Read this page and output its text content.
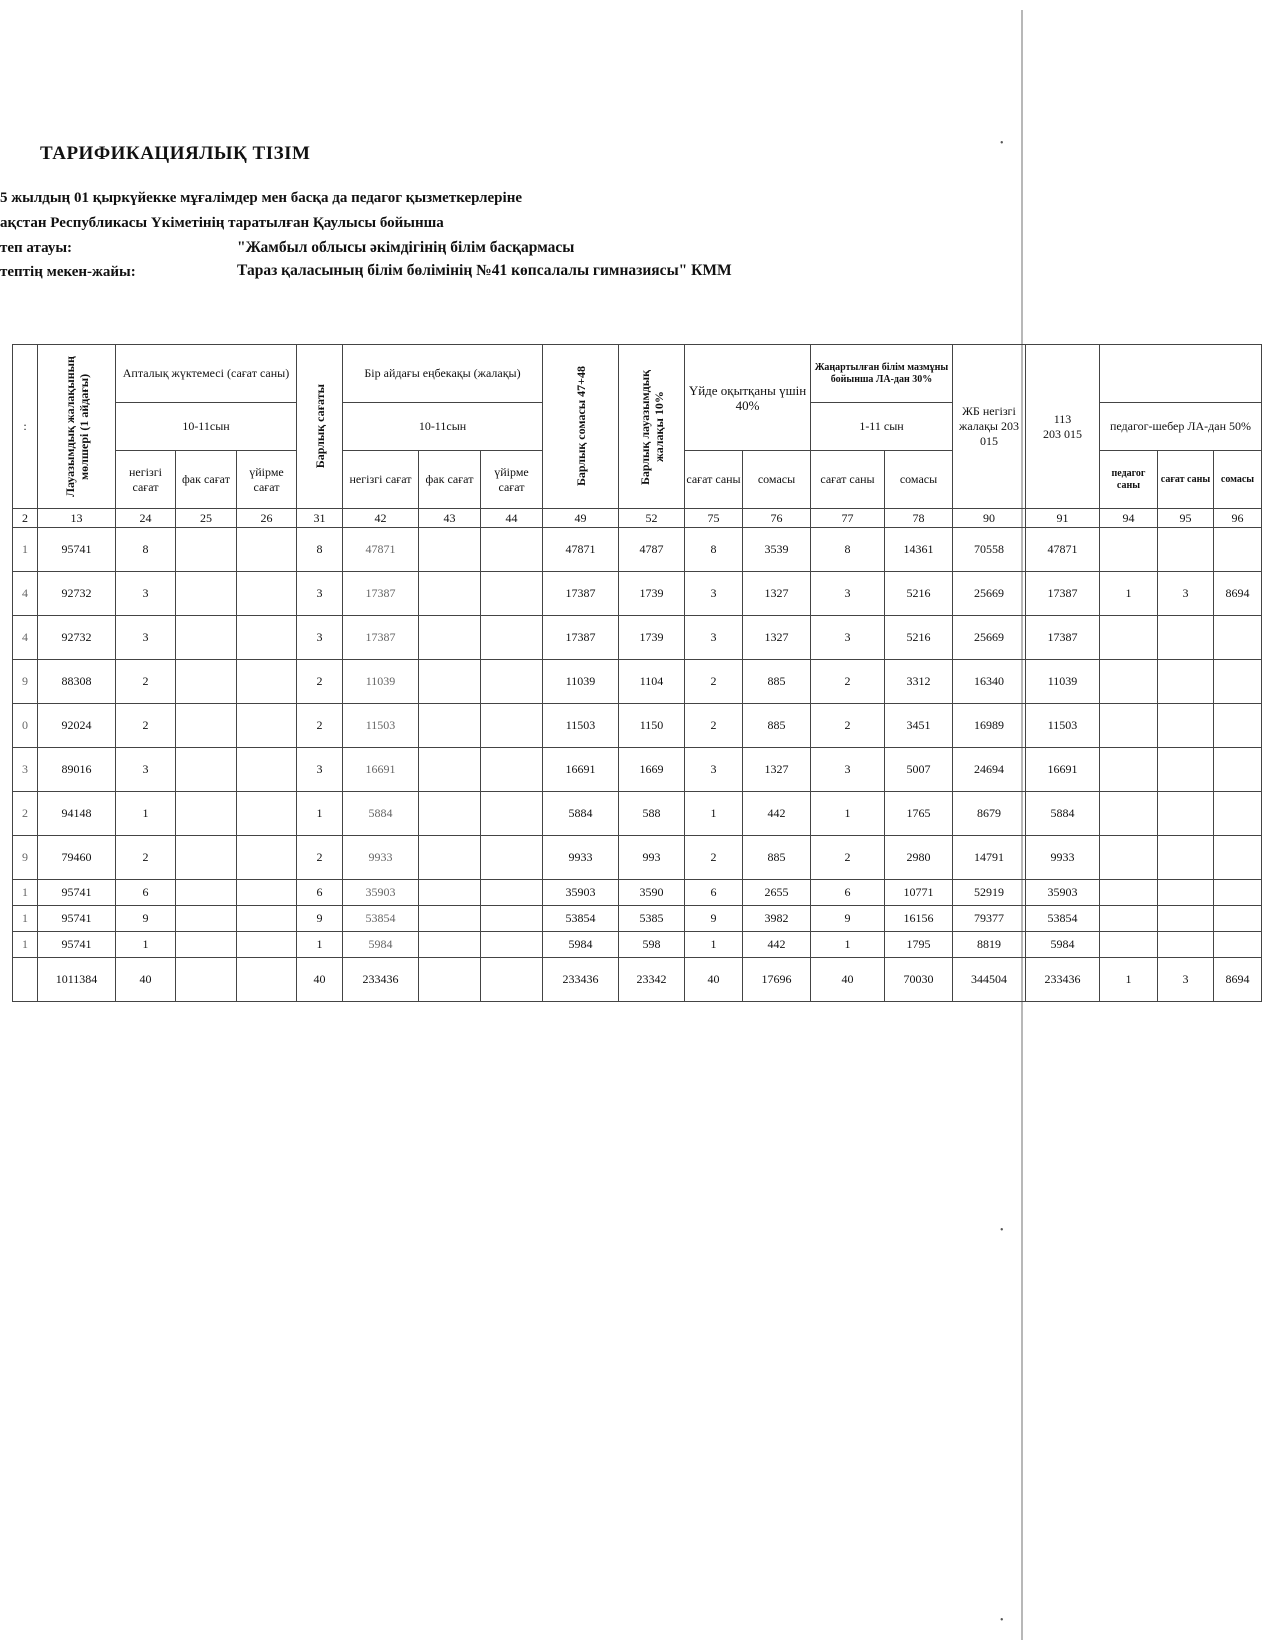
ТАРИФИКАЦИЯЛЫҚ ТІЗІМ
5 жылдың 01 қыркүйекке мұғалімдер мен басқа да педагог қызметкерлеріне
ақстан Республикасы Үкіметінің таратылған Қаулысы бойынша
теп атауы:	"Жамбыл облысы әкімдігінің білім басқармасы
тептің мекен-жайы:	Тараз қаласының білім бөлімінің №41 көпсалалы гимназиясы" КММ
•
•
•
:	Лауазымдық жалақының мөлшері (1 айдағы)	Апталық жүктемесі (сағат саны)			Барлық сағаты	Бір айдағы еңбекақы (жалақы)			Барлық сомасы 47+48	Барлық лауазымдық жалақы 10%	Үйде оқытқаны үшін 40%		Жаңартылған білім мазмұны бойынша ЛА-дан 30%		ЖБ негізгі жалақы 203 015	113
203 015			

		10-11сын				10-11сын							1-11 сын				педагог-шебер ЛА-дан 50%		
		негізгі сағат	фак сағат	үйірме сағат		негізгі сағат	фак сағат	үйірме сағат			сағат саны	сомасы	сағат саны	сомасы			педагог саны	сағат саны	сомасы
2	13	24	25	26	31	42	43	44	49	52	75	76	77	78	90	91	94	95	96
1	95741	8			8	47871			47871	4787	8	3539	8	14361	70558	47871			
4	92732	3			3	17387			17387	1739	3	1327	3	5216	25669	17387	1	3	8694
4	92732	3			3	17387			17387	1739	3	1327	3	5216	25669	17387			
9	88308	2			2	11039			11039	1104	2	885	2	3312	16340	11039			
0	92024	2			2	11503			11503	1150	2	885	2	3451	16989	11503			
3	89016	3			3	16691			16691	1669	3	1327	3	5007	24694	16691			
2	94148	1			1	5884			5884	588	1	442	1	1765	8679	5884			
9	79460	2			2	9933			9933	993	2	885	2	2980	14791	9933			
1	95741	6			6	35903			35903	3590	6	2655	6	10771	52919	35903			
1	95741	9			9	53854			53854	5385	9	3982	9	16156	79377	53854			
1	95741	1			1	5984			5984	598	1	442	1	1795	8819	5984			
	1011384	40			40	233436			233436	23342	40	17696	40	70030	344504	233436	1	3	8694
